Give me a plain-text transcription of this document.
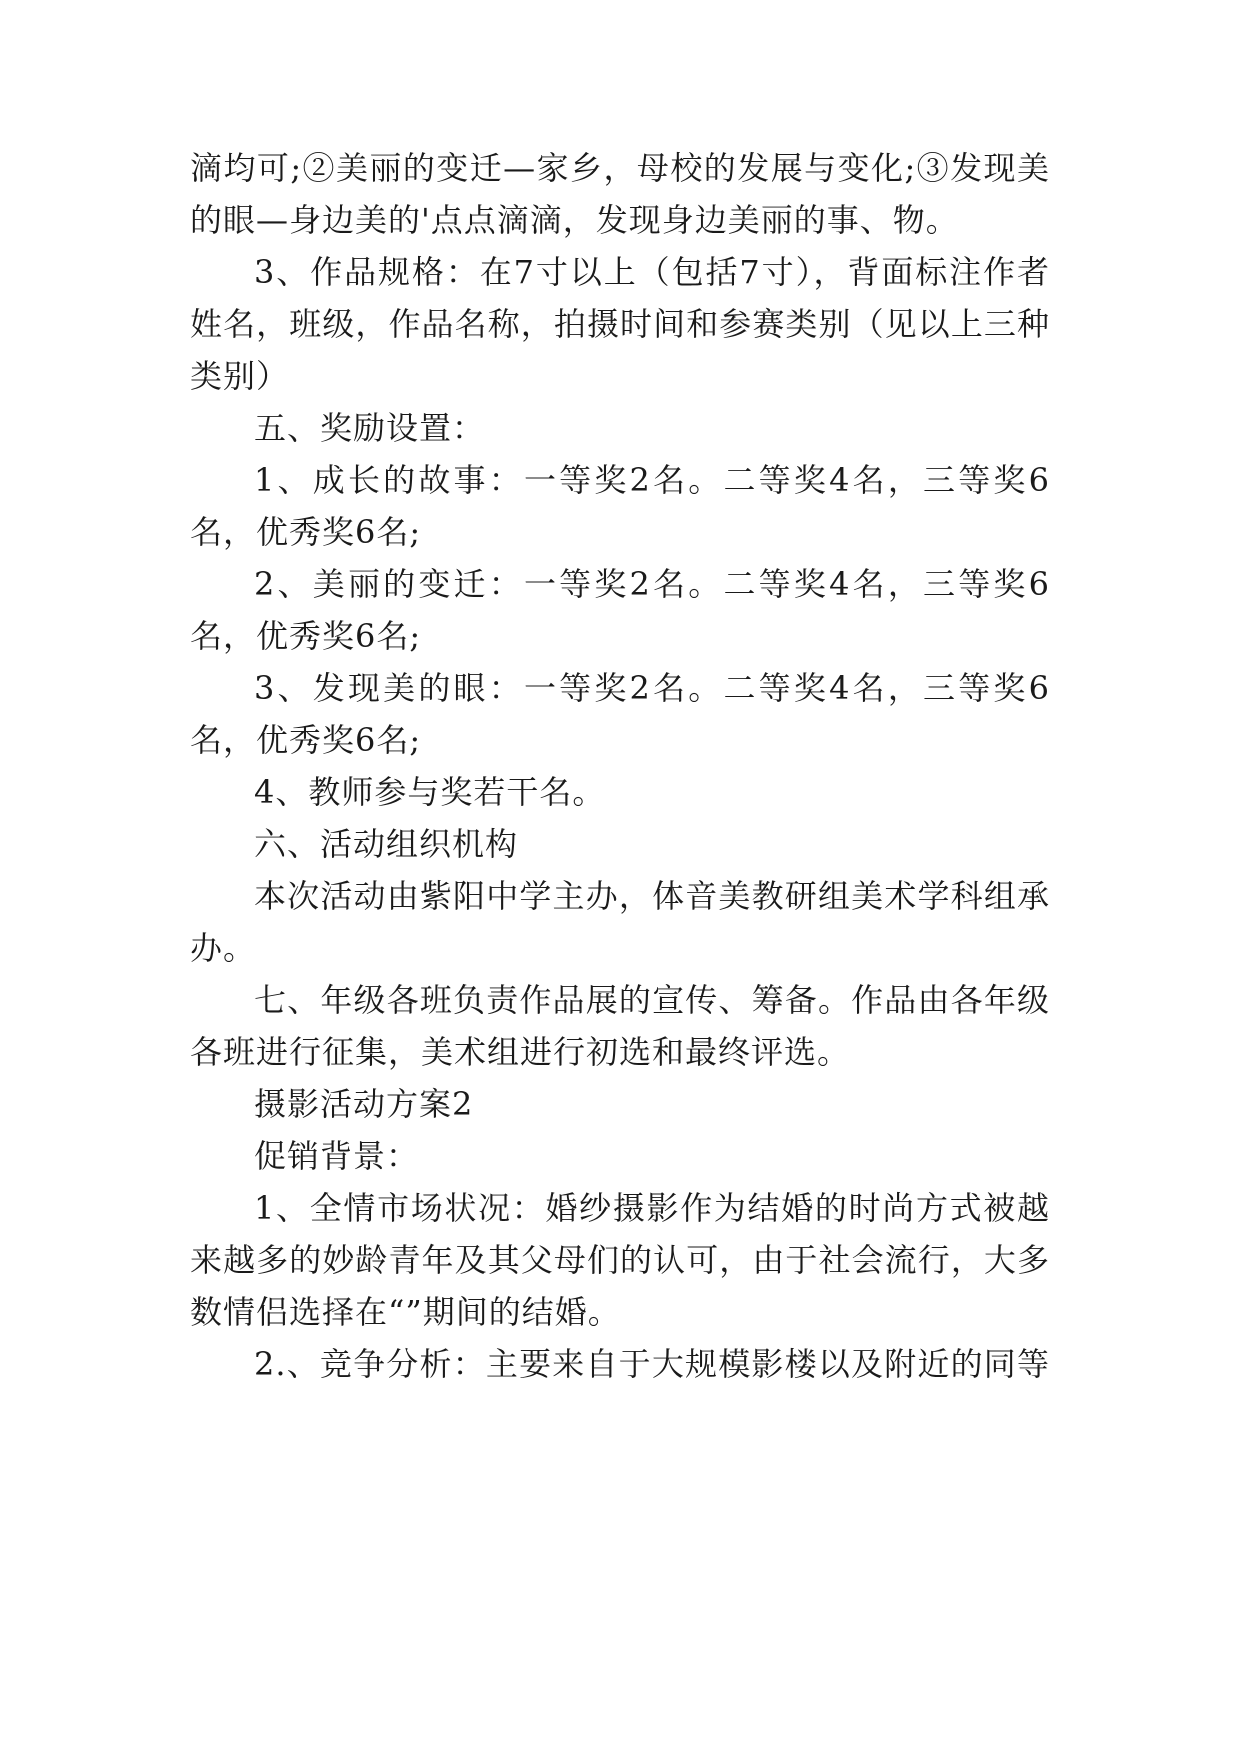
滴均可;②美丽的变迁—家乡，母校的发展与变化;③发现美
的眼—身边美的'点点滴滴，发现身边美丽的事、物。
3、作品规格：在7寸以上（包括7寸），背面标注作者
姓名，班级，作品名称，拍摄时间和参赛类别（见以上三种
类别）
五、奖励设置：
1、成长的故事：一等奖2名。二等奖4名，三等奖6
名，优秀奖6名;
2、美丽的变迁：一等奖2名。二等奖4名，三等奖6
名，优秀奖6名;
3、发现美的眼：一等奖2名。二等奖4名，三等奖6
名，优秀奖6名;
4、教师参与奖若干名。
六、活动组织机构
本次活动由紫阳中学主办，体音美教研组美术学科组承
办。
七、年级各班负责作品展的宣传、筹备。作品由各年级
各班进行征集，美术组进行初选和最终评选。
摄影活动方案2
促销背景：
1、全情市场状况：婚纱摄影作为结婚的时尚方式被越
来越多的妙龄青年及其父母们的认可，由于社会流行，大多
数情侣选择在“”期间的结婚。
2.、竞争分析：主要来自于大规模影楼以及附近的同等
